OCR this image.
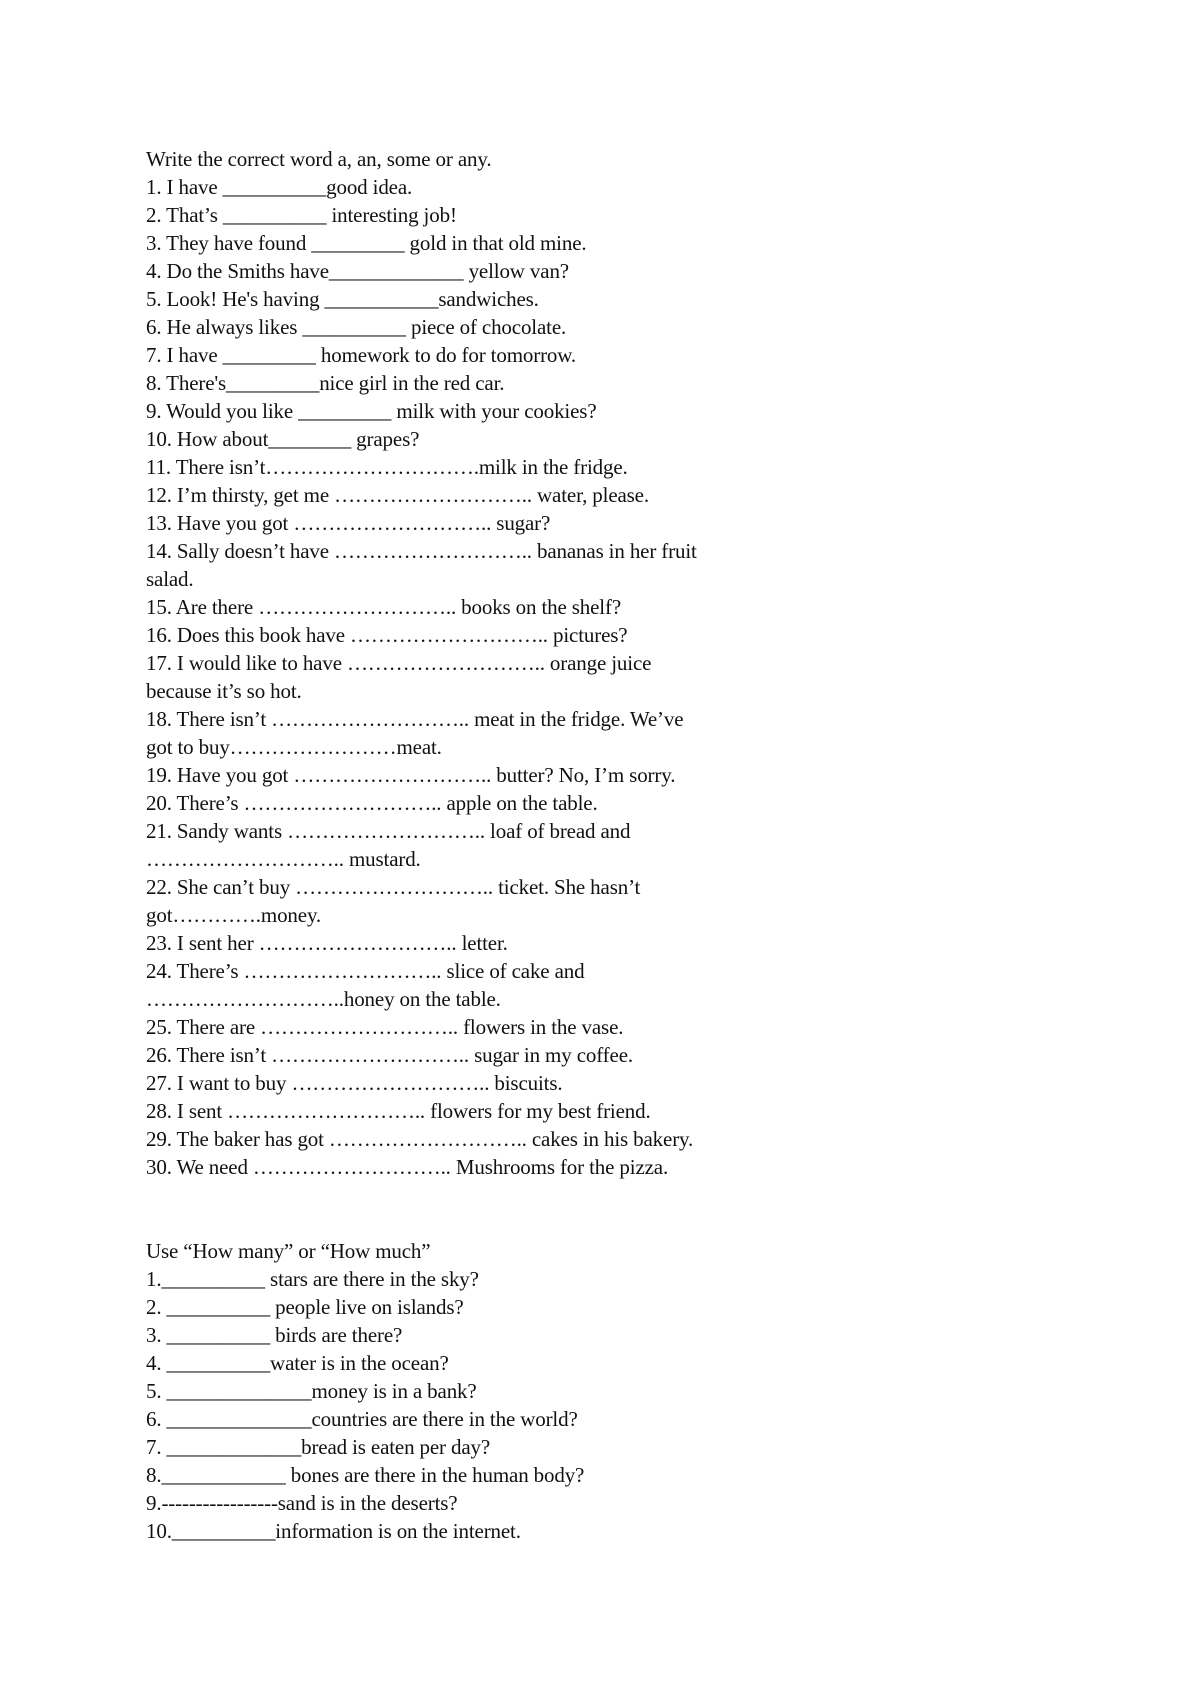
Write the correct word a, an, some or any.
1. I have __________good idea.
2. That’s __________ interesting job!
3. They have found _________ gold in that old mine.
4. Do the Smiths have_____________ yellow van?
5. Look! He's having ___________sandwiches.
6. He always likes __________ piece of chocolate.
7. I have _________ homework to do for tomorrow.
8. There's_________nice girl in the red car.
9. Would you like _________ milk with your cookies?
10. How about________ grapes?
11. There isn’t………………………….milk in the fridge.
12. I’m thirsty, get me ……………………….. water, please.
13. Have you got ……………………….. sugar?
14. Sally doesn’t have ……………………….. bananas in her fruit
salad.
15. Are there ……………………….. books on the shelf?
16. Does this book have ……………………….. pictures?
17. I would like to have ……………………….. orange juice
because it’s so hot.
18. There isn’t ……………………….. meat in the fridge. We’ve
got to buy……………………meat.
19. Have you got ……………………….. butter? No, I’m sorry.
20. There’s ……………………….. apple on the table.
21. Sandy wants ……………………….. loaf of bread and
……………………….. mustard.
22. She can’t buy ……………………….. ticket. She hasn’t
got………….money.
23. I sent her ……………………….. letter.
24. There’s ……………………….. slice of cake and
………………………..honey on the table.
25. There are ……………………….. flowers in the vase.
26. There isn’t ……………………….. sugar in my coffee.
27. I want to buy ……………………….. biscuits.
28. I sent ……………………….. flowers for my best friend.
29. The baker has got ……………………….. cakes in his bakery.
30. We need ……………………….. Mushrooms for the pizza.
Use “How many” or “How much”
1.__________ stars are there in the sky?
2. __________ people live on islands?
3. __________ birds are there?
4. __________water is in the ocean?
5. ______________money is in a bank?
6. ______________countries are there in the world?
7. _____________bread is eaten per day?
8.____________ bones are there in the human body?
9.-----------------sand is in the deserts?
10.__________information is on the internet.
